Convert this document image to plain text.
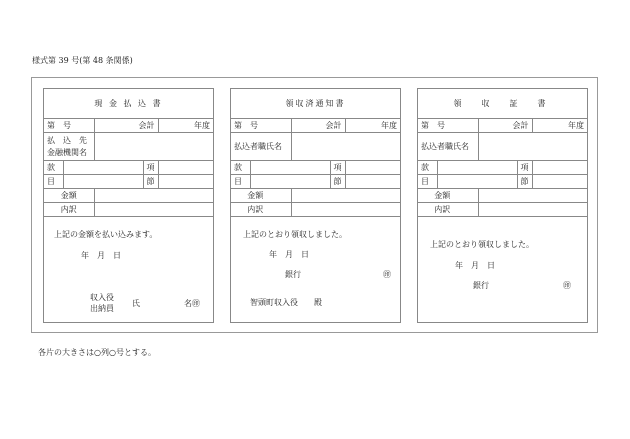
様式第 39 号(第 48 条関係)
現 金 払 込 書				
第　号		会計		年度

払　込　先
金融機関名				

款			項	
目			節	
金額				
内訳				
上記の金額を払い込みます。
年　月　日
収入役
出納員
氏	名㊞
領収済通知書				
第　号		会計		年度
払込者職氏名				
款			項	
目			節	
金額				
内訳				
上記のとおり領収しました。
年　月　日
銀行	㊞
智頭町収入役　　殿
領　収　証　書				
第　号		会計		年度
払込者職氏名				
款			項	
目			節	
金額				
内訳				
上記のとおり領収しました。
年　月　日
銀行	㊞
各片の大きさは○列○号とする。
